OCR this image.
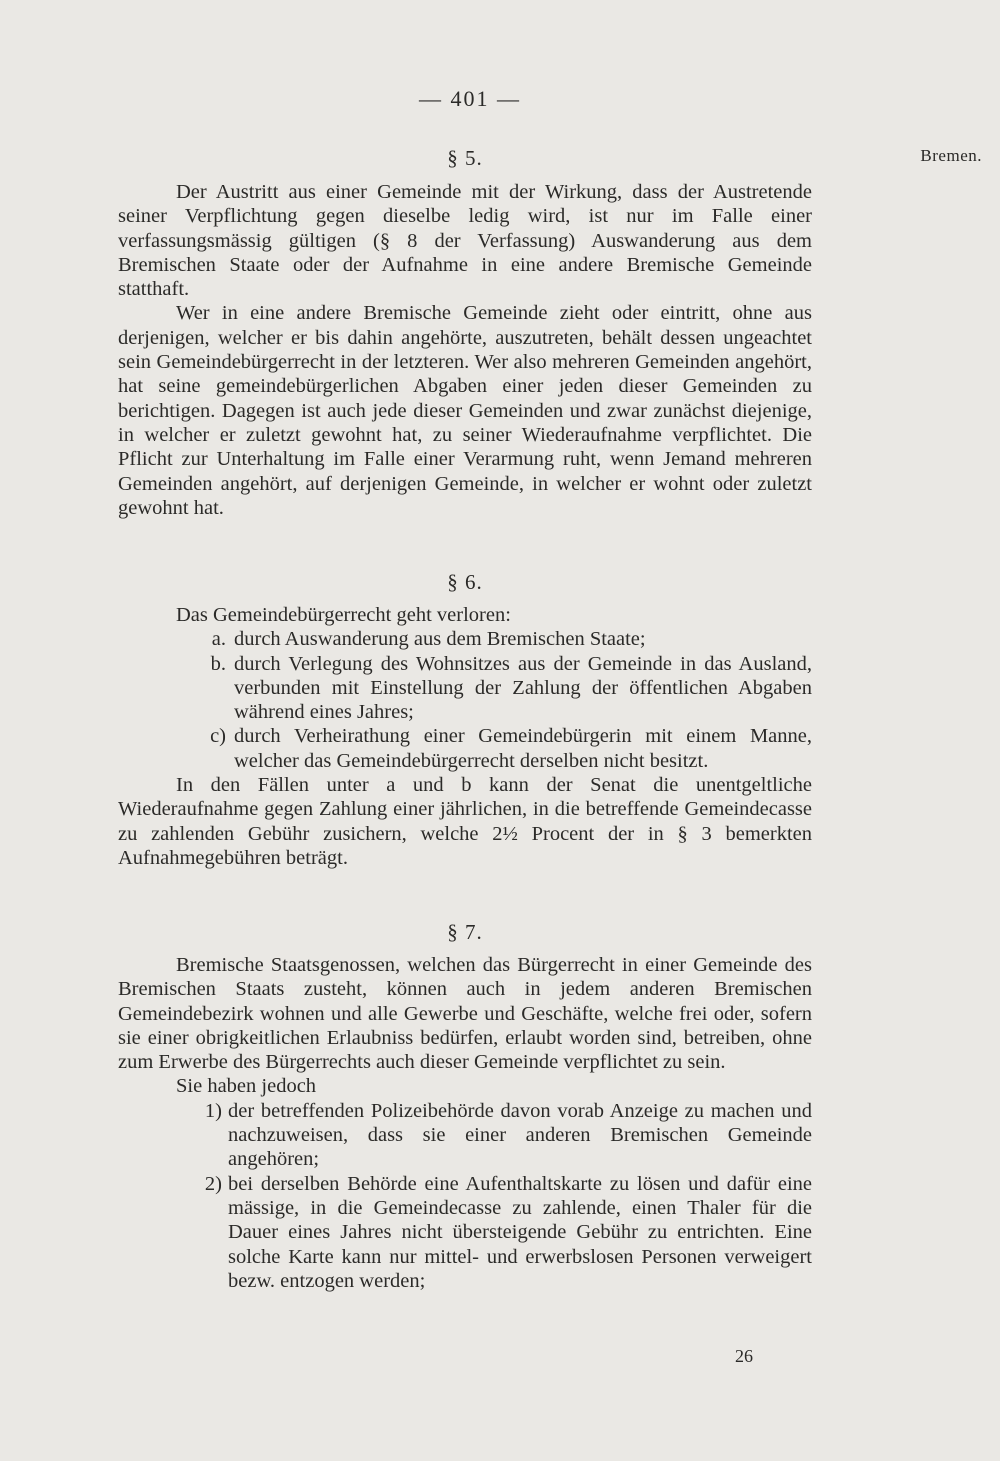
— 401 —
Bremen.
§ 5.

Der Austritt aus einer Gemeinde mit der Wirkung, dass der Austretende seiner Verpflichtung gegen dieselbe ledig wird, ist nur im Falle einer verfassungsmässig gültigen (§ 8 der Verfassung) Auswanderung aus dem Bremischen Staate oder der Aufnahme in eine andere Bremische Gemeinde statthaft.

Wer in eine andere Bremische Gemeinde zieht oder eintritt, ohne aus derjenigen, welcher er bis dahin angehörte, auszutreten, behält dessen ungeachtet sein Gemeindebürgerrecht in der letzteren. Wer also mehreren Gemeinden angehört, hat seine gemeindebürgerlichen Abgaben einer jeden dieser Gemeinden zu berichtigen. Dagegen ist auch jede dieser Gemeinden und zwar zunächst diejenige, in welcher er zuletzt gewohnt hat, zu seiner Wiederaufnahme verpflichtet. Die Pflicht zur Unterhaltung im Falle einer Verarmung ruht, wenn Jemand mehreren Gemeinden angehört, auf derjenigen Gemeinde, in welcher er wohnt oder zuletzt gewohnt hat.

§ 6.

Das Gemeindebürgerrecht geht verloren:

a. durch Auswanderung aus dem Bremischen Staate;
b. durch Verlegung des Wohnsitzes aus der Gemeinde in das Ausland, verbunden mit Einstellung der Zahlung der öffentlichen Abgaben während eines Jahres;
c) durch Verheirathung einer Gemeindebürgerin mit einem Manne, welcher das Gemeindebürgerrecht derselben nicht besitzt.

In den Fällen unter a und b kann der Senat die unentgeltliche Wiederaufnahme gegen Zahlung einer jährlichen, in die betreffende Gemeindecasse zu zahlenden Gebühr zusichern, welche 2½ Procent der in § 3 bemerkten Aufnahmegebühren beträgt.

§ 7.

Bremische Staatsgenossen, welchen das Bürgerrecht in einer Gemeinde des Bremischen Staats zusteht, können auch in jedem anderen Bremischen Gemeindebezirk wohnen und alle Gewerbe und Geschäfte, welche frei oder, sofern sie einer obrigkeitlichen Erlaubniss bedürfen, erlaubt worden sind, betreiben, ohne zum Erwerbe des Bürgerrechts auch dieser Gemeinde verpflichtet zu sein.

Sie haben jedoch

1) der betreffenden Polizeibehörde davon vorab Anzeige zu machen und nachzuweisen, dass sie einer anderen Bremischen Gemeinde angehören;
2) bei derselben Behörde eine Aufenthaltskarte zu lösen und dafür eine mässige, in die Gemeindecasse zu zahlende, einen Thaler für die Dauer eines Jahres nicht übersteigende Gebühr zu entrichten. Eine solche Karte kann nur mittel- und erwerbslosen Personen verweigert bezw. entzogen werden;
26
